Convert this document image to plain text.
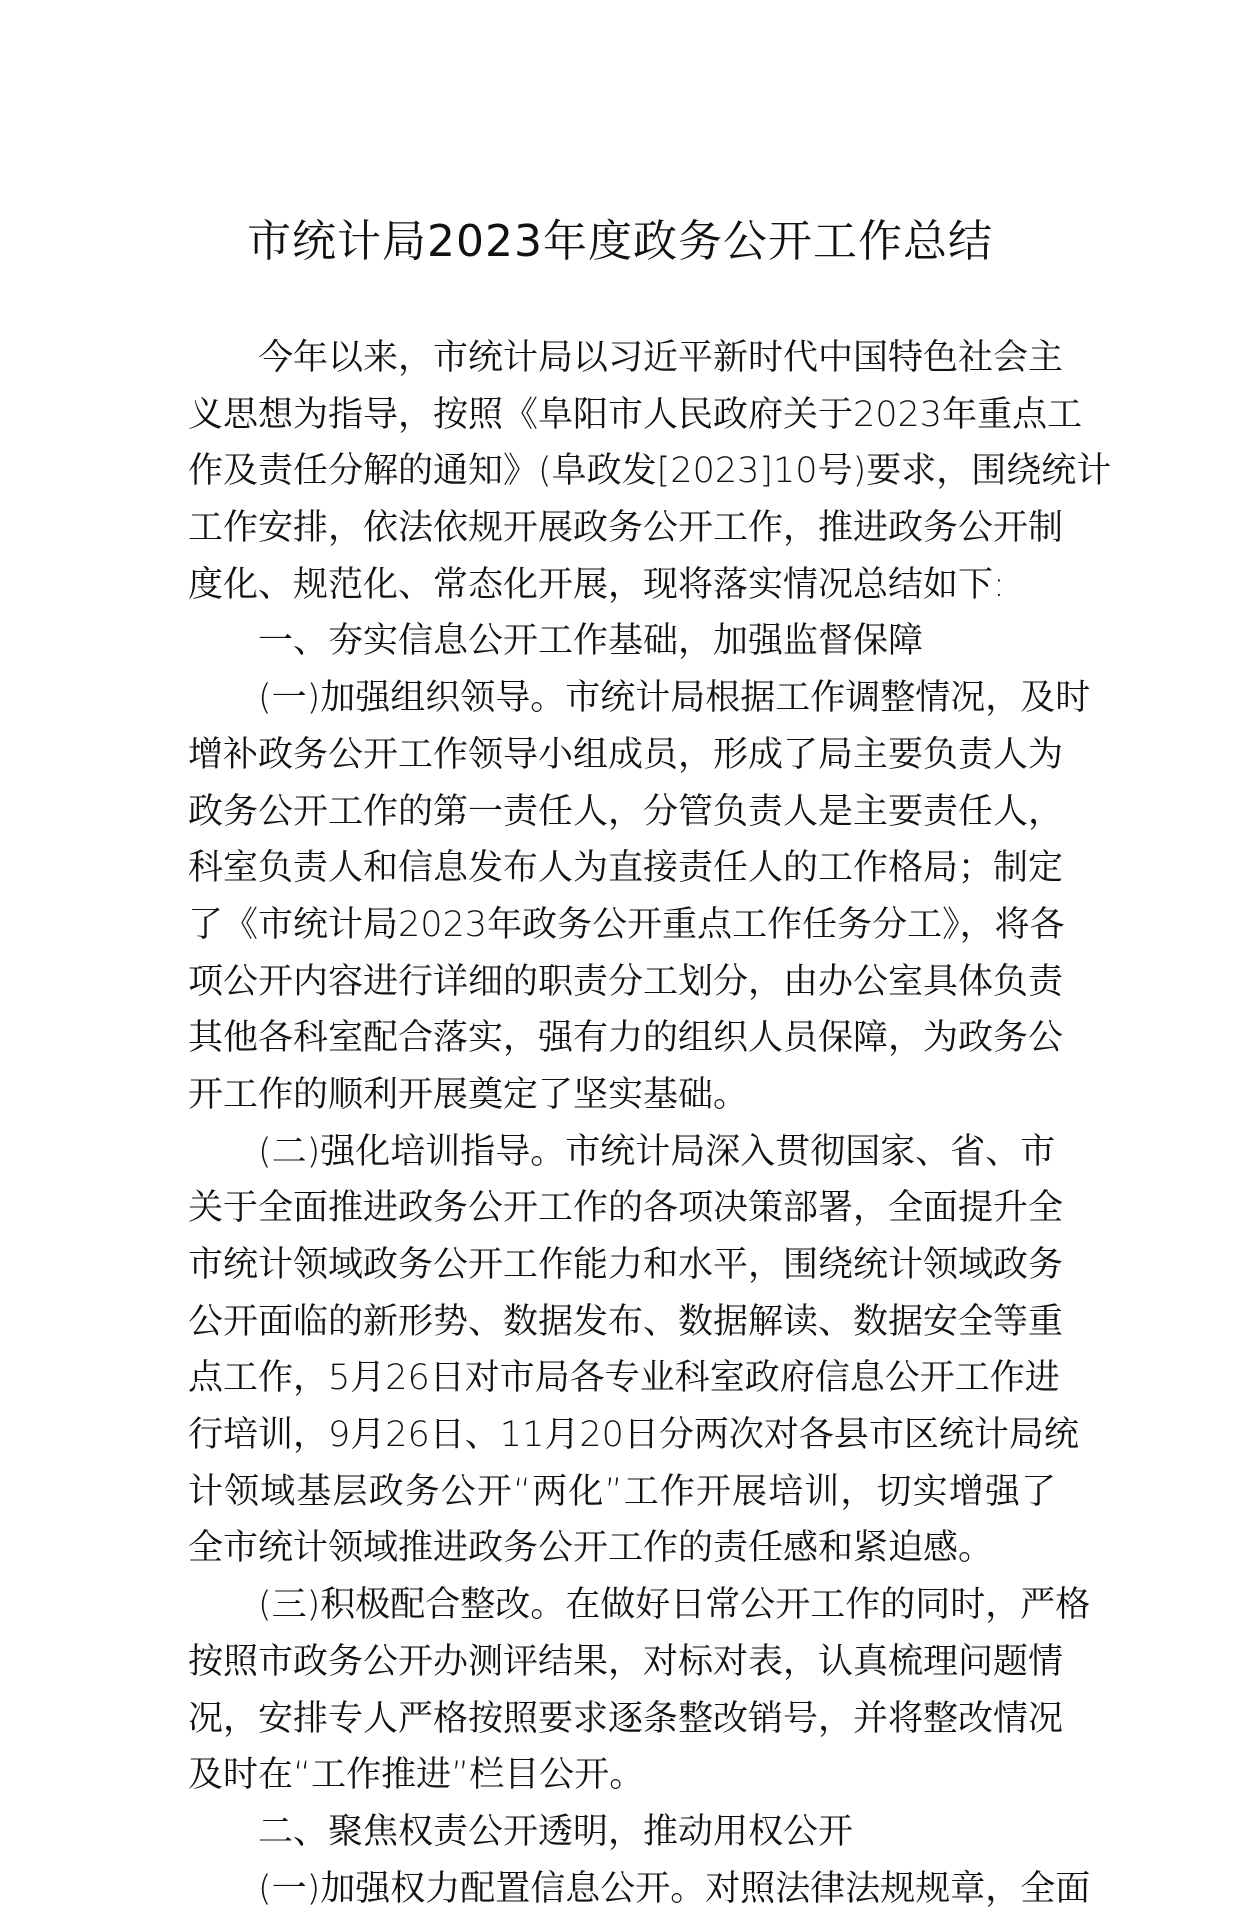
市统计局2023年度政务公开工作总结
今年以来，市统计局以习近平新时代中国特色社会主
义思想为指导，按照《阜阳市人民政府关于2023年重点工
作及责任分解的通知》(阜政发[2023]10号)要求，围绕统计
工作安排，依法依规开展政务公开工作，推进政务公开制
度化、规范化、常态化开展，现将落实情况总结如下:
一、夯实信息公开工作基础，加强监督保障
(一)加强组织领导。市统计局根据工作调整情况，及时
增补政务公开工作领导小组成员，形成了局主要负责人为
政务公开工作的第一责任人，分管负责人是主要责任人，
科室负责人和信息发布人为直接责任人的工作格局；制定
了《市统计局2023年政务公开重点工作任务分工》，将各
项公开内容进行详细的职责分工划分，由办公室具体负责
其他各科室配合落实，强有力的组织人员保障，为政务公
开工作的顺利开展奠定了坚实基础。
(二)强化培训指导。市统计局深入贯彻国家、省、市
关于全面推进政务公开工作的各项决策部署，全面提升全
市统计领域政务公开工作能力和水平，围绕统计领域政务
公开面临的新形势、数据发布、数据解读、数据安全等重
点工作，5月26日对市局各专业科室政府信息公开工作进
行培训，9月26日、11月20日分两次对各县市区统计局统
计领域基层政务公开“两化”工作开展培训，切实增强了
全市统计领域推进政务公开工作的责任感和紧迫感。
(三)积极配合整改。在做好日常公开工作的同时，严格
按照市政务公开办测评结果，对标对表，认真梳理问题情
况，安排专人严格按照要求逐条整改销号，并将整改情况
及时在“工作推进”栏目公开。
二、聚焦权责公开透明，推动用权公开
(一)加强权力配置信息公开。对照法律法规规章，全面
